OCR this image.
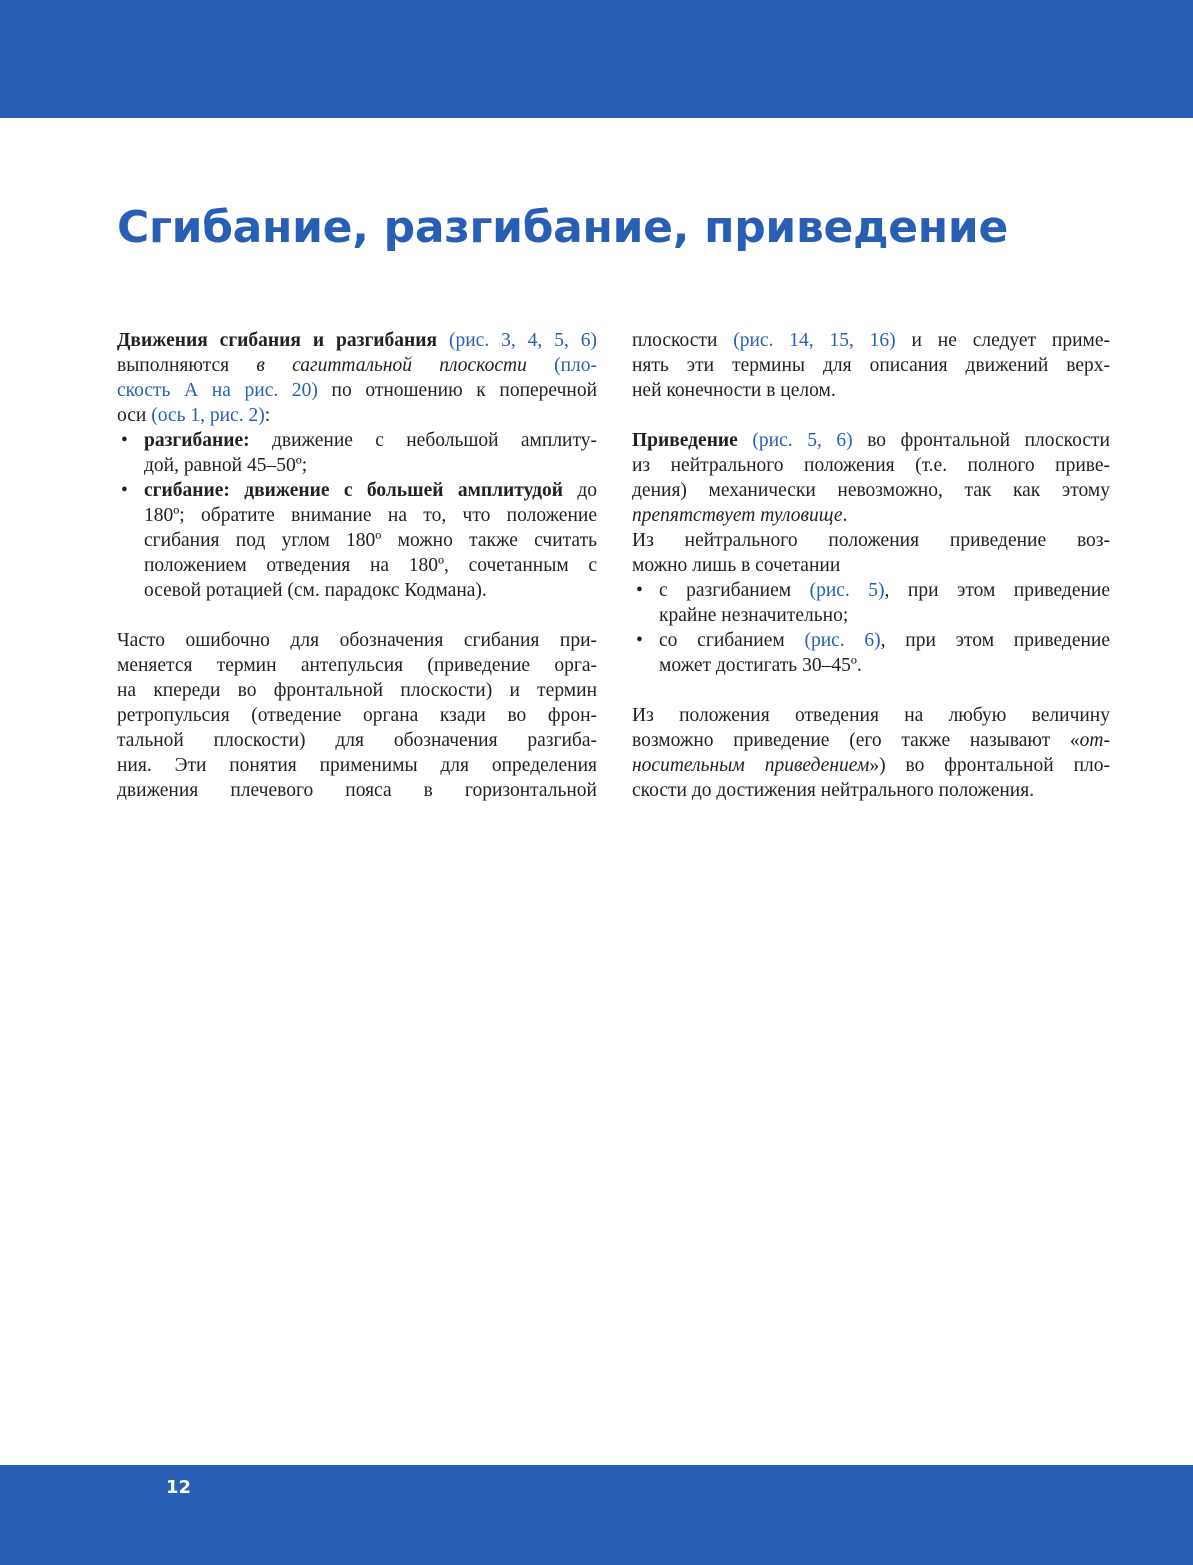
Сгибание, разгибание, приведение
Движения сгибания и разгибания (рис. 3, 4, 5, 6)
выполняются в сагиттальной плоскости (пло-
скость А на рис. 20) по отношению к поперечной
оси (ось 1, рис. 2):
• разгибание: движение с небольшой амплиту-
дой, равной 45–50º;
• сгибание: движение с большей амплитудой до
180º; обратите внимание на то, что положение
сгибания под углом 180º можно также считать
положением отведения на 180º, сочетанным с
осевой ротацией (см. парадокс Кодмана).
Часто ошибочно для обозначения сгибания при-
меняется термин антепульсия (приведение орга-
на кпереди во фронтальной плоскости) и термин
ретропульсия (отведение органа кзади во фрон-
тальной плоскости) для обозначения разгиба-
ния. Эти понятия применимы для определения
движения плечевого пояса в горизонтальной
плоскости (рис. 14, 15, 16) и не следует приме-
нять эти термины для описания движений верх-
ней конечности в целом.
Приведение (рис. 5, 6) во фронтальной плоскости
из нейтрального положения (т.е. полного приве-
дения) механически невозможно, так как этому
препятствует туловище.
Из нейтрального положения приведение воз-
можно лишь в сочетании
• с разгибанием (рис. 5), при этом приведение
крайне незначительно;
• со сгибанием (рис. 6), при этом приведение
может достигать 30–45º.
Из положения отведения на любую величину
возможно приведение (его также называют «от-
носительным приведением») во фронтальной пло-
скости до достижения нейтрального положения.
12
